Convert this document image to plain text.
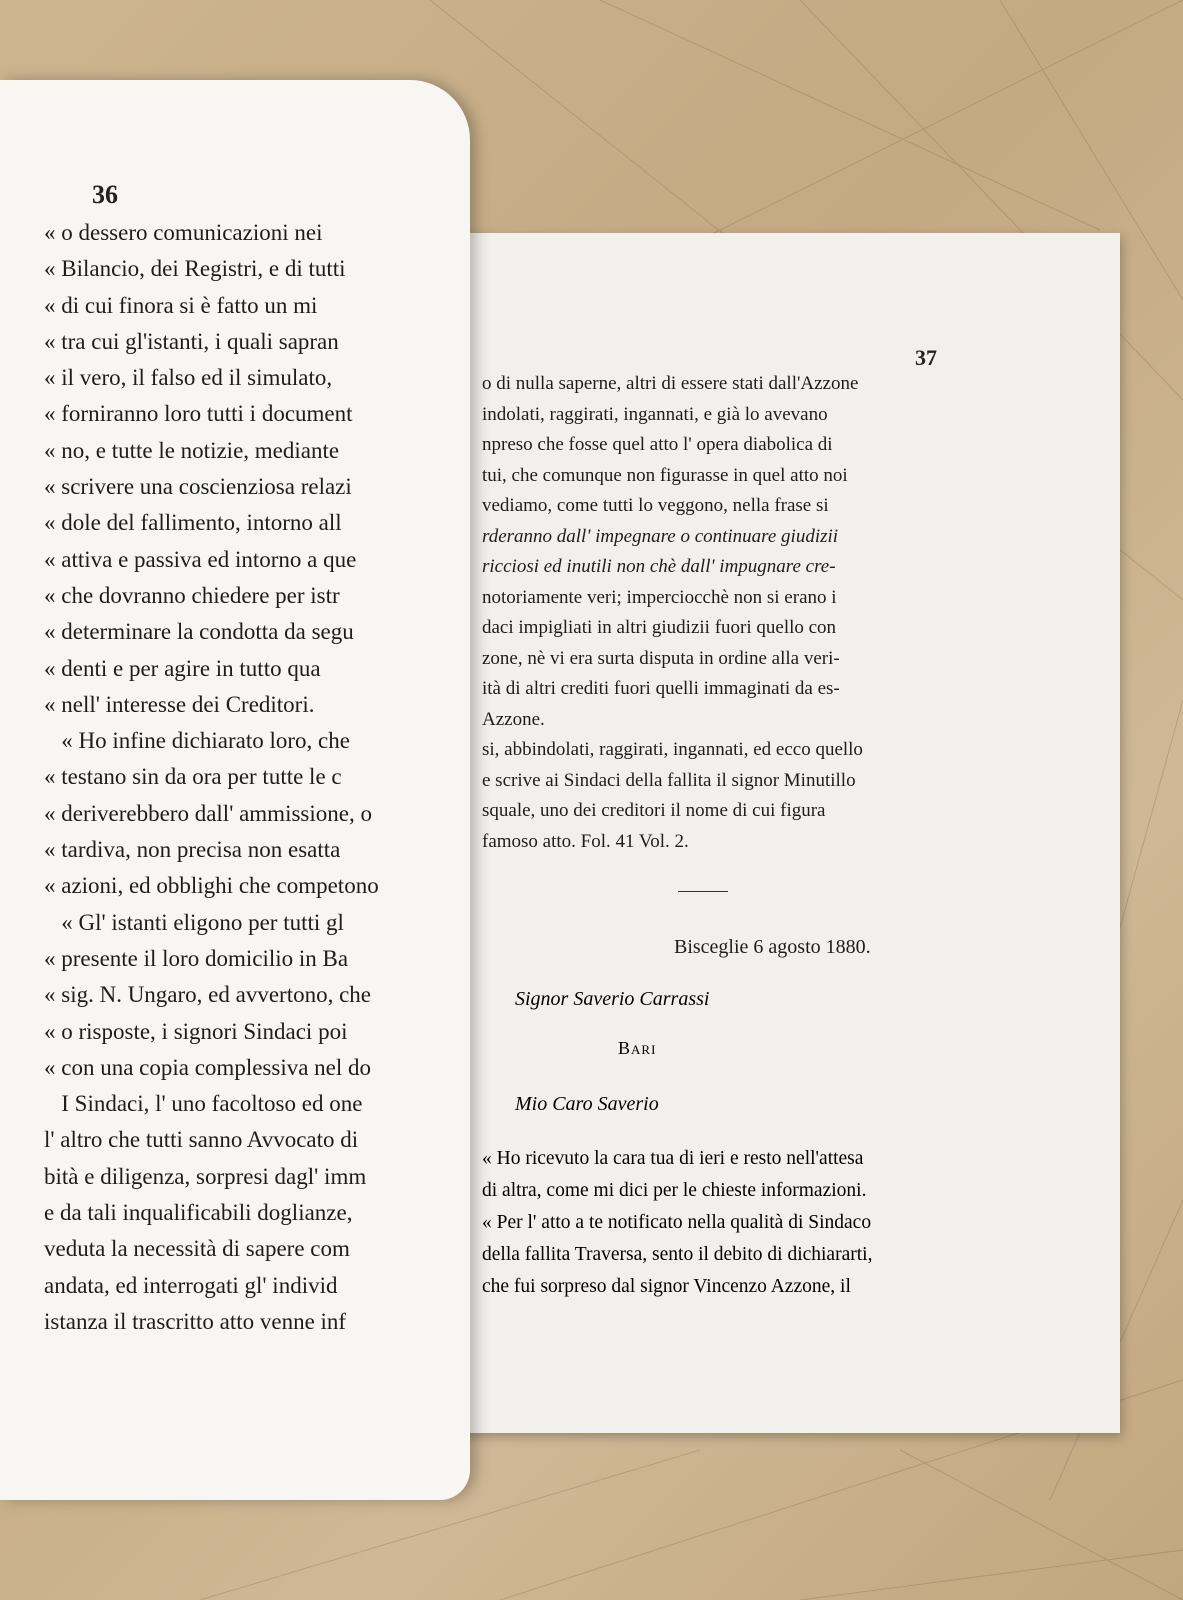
37
o di nulla saperne, altri di essere stati dall'Azzone
indolati, raggirati, ingannati, e già lo avevano
npreso che fosse quel atto l' opera diabolica di
tui, che comunque non figurasse in quel atto noi
vediamo, come tutti lo veggono, nella frase si
rderanno dall' impegnare o continuare giudizii
ricciosi ed inutili non chè dall' impugnare cre-
notoriamente veri; imperciocchè non si erano i
daci impigliati in altri giudizii fuori quello con
zone, nè vi era surta disputa in ordine alla veri-
ità di altri crediti fuori quelli immaginati da es-
Azzone.
si, abbindolati, raggirati, ingannati, ed ecco quello
e scrive ai Sindaci della fallita il signor Minutillo
squale, uno dei creditori il nome di cui figura
famoso atto. Fol. 41 Vol. 2.
Bisceglie 6 agosto 1880.
Signor Saverio Carrassi
Bari
Mio Caro Saverio
« Ho ricevuto la cara tua di ieri e resto nell'attesa
di altra, come mi dici per le chieste informazioni.
« Per l' atto a te notificato nella qualità di Sindaco
della fallita Traversa, sento il debito di dichiararti,
che fui sorpreso dal signor Vincenzo Azzone, il
36
« o dessero comunicazioni nei
« Bilancio, dei Registri, e di tutti
« di cui finora si è fatto un mi
« tra cui gl'istanti, i quali sapran
« il vero, il falso ed il simulato,
« forniranno loro tutti i document
« no, e tutte le notizie, mediante
« scrivere una coscienziosa relazi
« dole del fallimento, intorno all
« attiva e passiva ed intorno a que
« che dovranno chiedere per istr
« determinare la condotta da segu
« denti e per agire in tutto qua
« nell' interesse dei Creditori.
« Ho infine dichiarato loro, che
« testano sin da ora per tutte le c
« deriverebbero dall' ammissione, o
« tardiva, non precisa non esatta
« azioni, ed obblighi che competono
« Gl' istanti eligono per tutti gl
« presente il loro domicilio in Ba
« sig. N. Ungaro, ed avvertono, che
« o risposte, i signori Sindaci poi
« con una copia complessiva nel do
I Sindaci, l' uno facoltoso ed one
l' altro che tutti sanno Avvocato di
bità e diligenza, sorpresi dagl' imm
e da tali inqualificabili doglianze,
veduta la necessità di sapere com
andata, ed interrogati gl' individ
istanza il trascritto atto venne inf
